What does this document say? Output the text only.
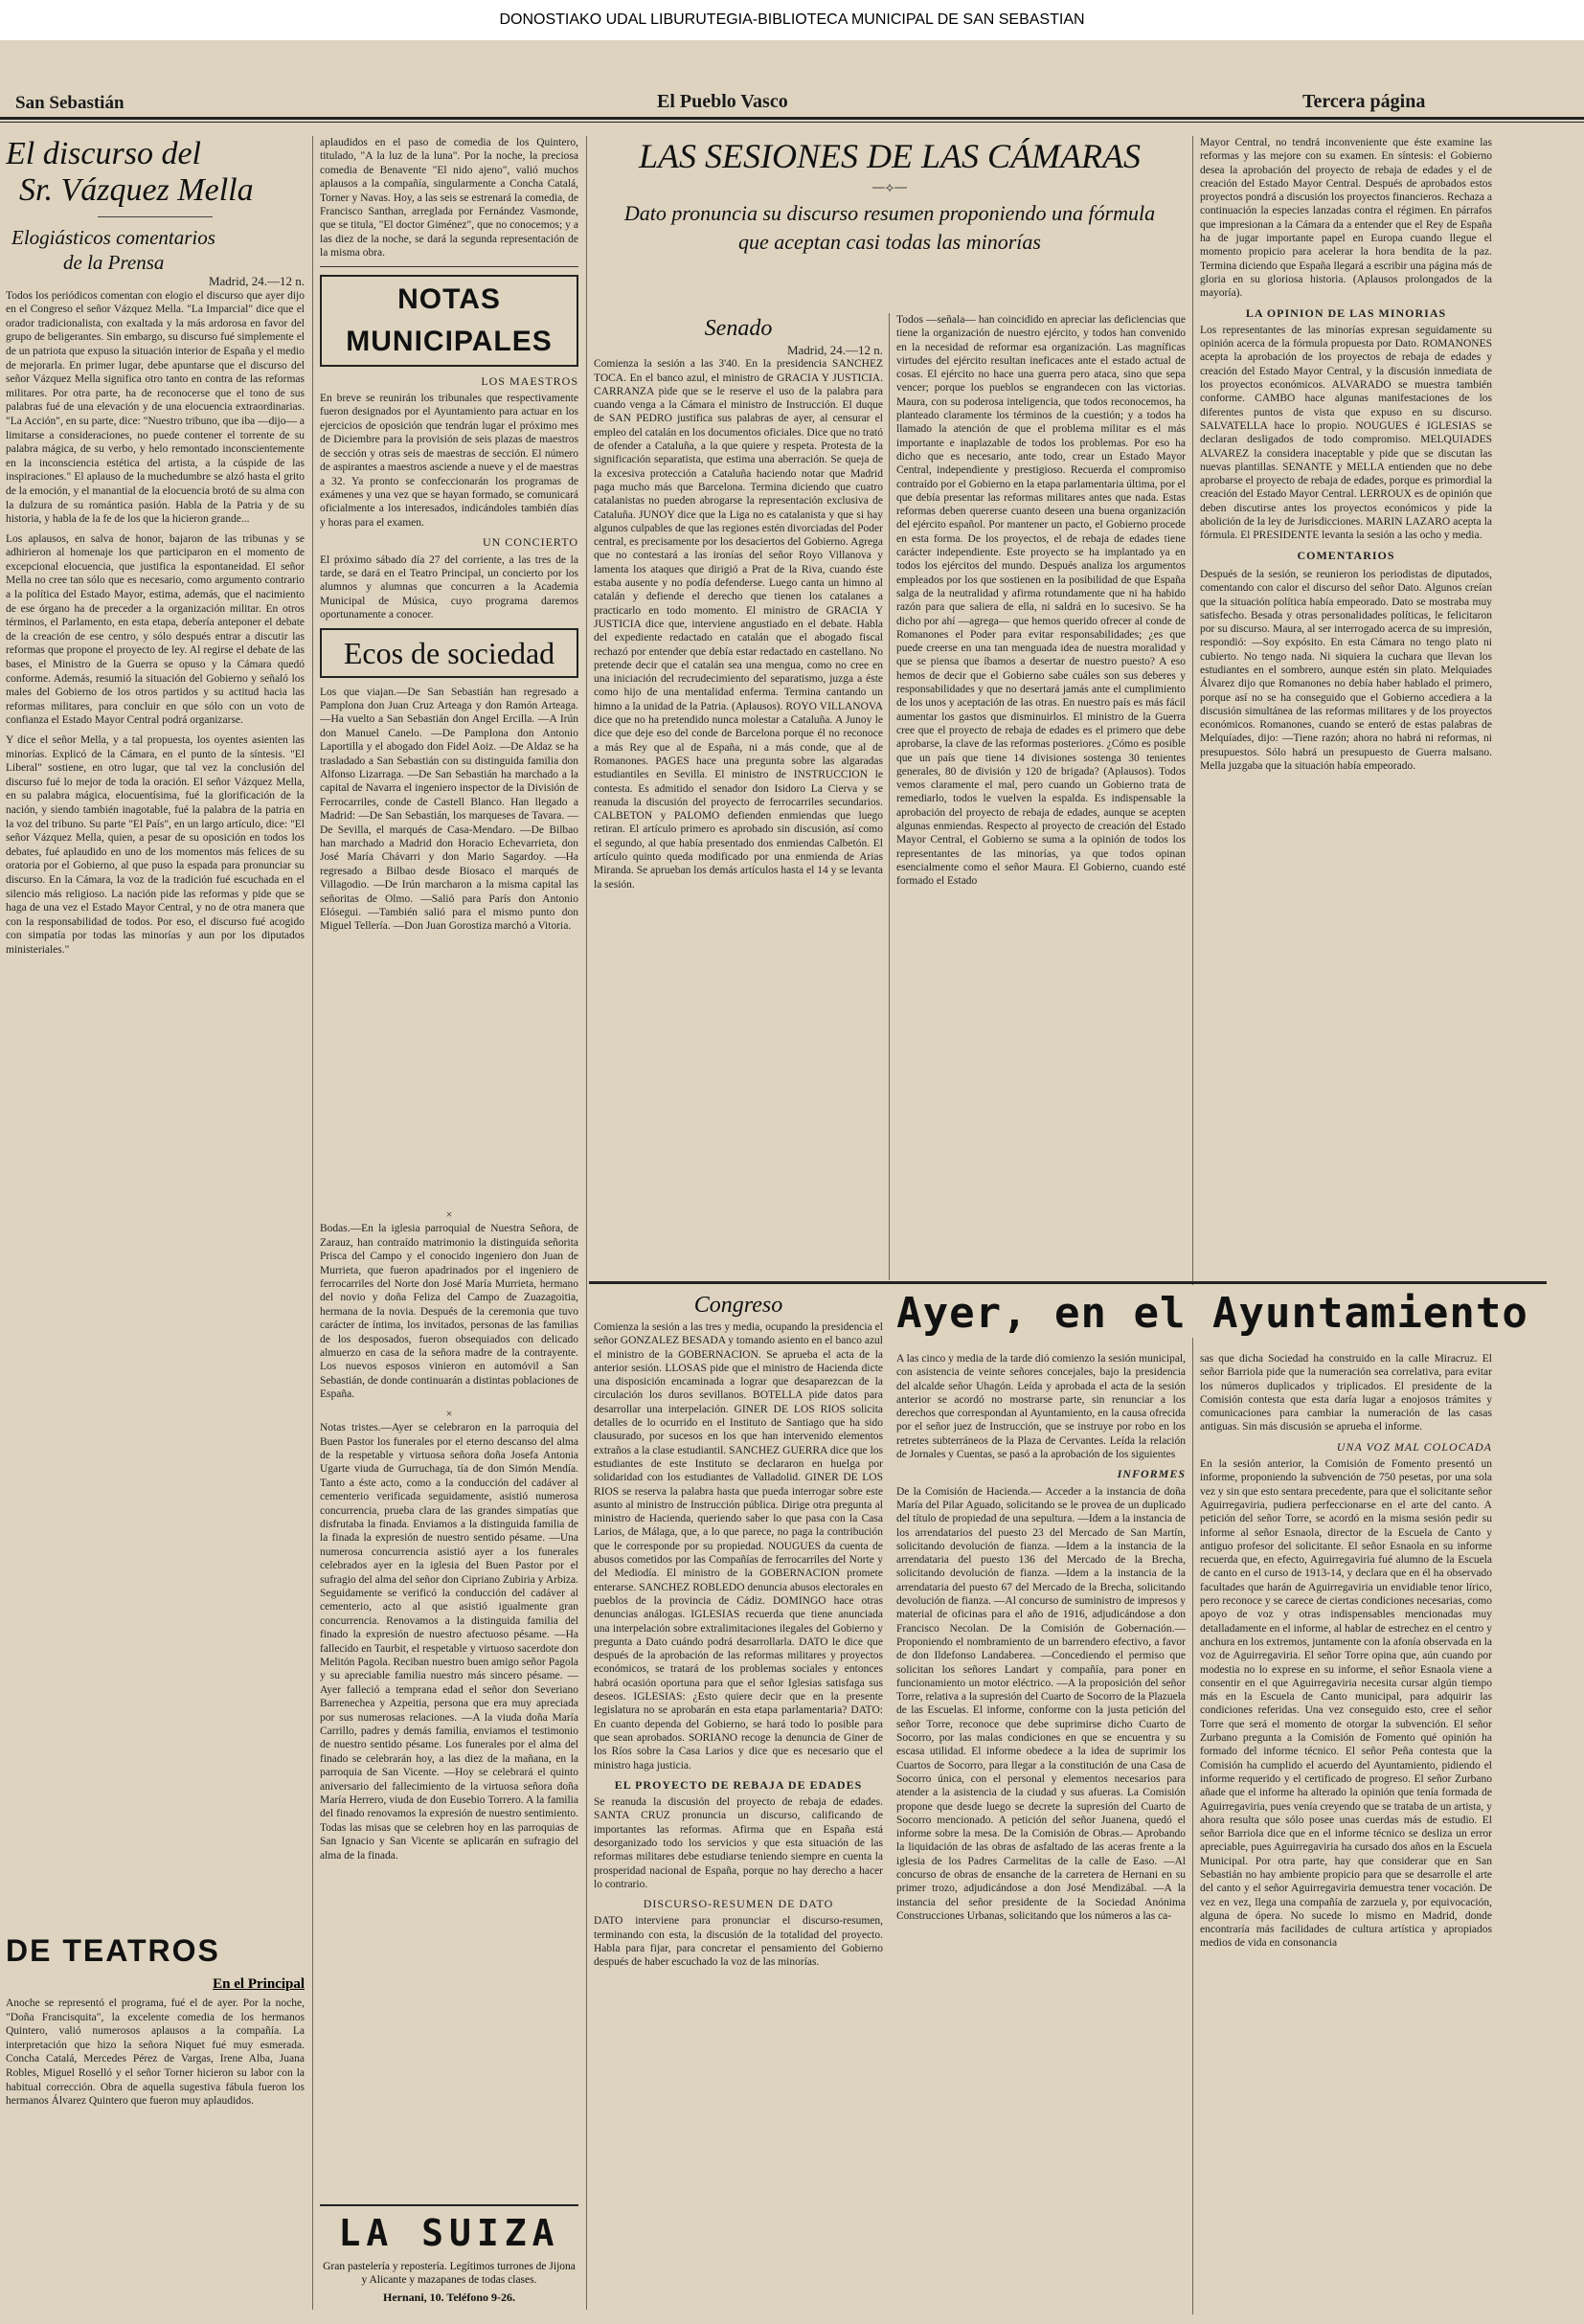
DONOSTIAKO UDAL LIBURUTEGIA-BIBLIOTECA MUNICIPAL DE SAN SEBASTIAN
San Sebastián	El Pueblo Vasco	Tercera página
El discurso del
Sr. Vázquez Mella
Elogiásticos comentarios
de la Prensa
Madrid, 24.—12 n.

Todos los periódicos comentan con elogio el discurso que ayer dijo en el Congreso el señor Vázquez Mella. "La Imparcial" dice que el orador tradicionalista, con exaltada y la más ardorosa en favor del grupo de beligerantes. Sin embargo, su discurso fué simplemente el de un patriota que expuso la situación interior de España y el medio de mejorarla. En primer lugar, debe apuntarse que el discurso del señor Vázquez Mella significa otro tanto en contra de las reformas militares. Por otra parte, ha de reconocerse que el tono de sus palabras fué de una elevación y de una elocuencia extraordinarias. "La Acción", en su parte, dice: "Nuestro tribuno, que iba —dijo— a limitarse a consideraciones, no puede contener el torrente de su palabra mágica, de su verbo, y helo remontado inconscientemente en la inconsciencia estética del artista, a la cúspide de las inspiraciones." El aplauso de la muchedumbre se alzó hasta el grito de la emoción, y el manantial de la elocuencia brotó de su alma con la dulzura de su romántica pasión. Habla de la Patria y de su historia, y habla de la fe de los que la hicieron grande...

Los aplausos, en salva de honor, bajaron de las tribunas y se adhirieron al homenaje los que participaron en el momento de excepcional elocuencia, que justifica la espontaneidad. El señor Mella no cree tan sólo que es necesario, como argumento contrario a la política del Estado Mayor, estima, además, que el nacimiento de ese órgano ha de preceder a la organización militar. En otros términos, el Parlamento, en esta etapa, debería anteponer el debate de la creación de ese centro, y sólo después entrar a discutir las reformas que propone el proyecto de ley. Al regirse el debate de las bases, el Ministro de la Guerra se opuso y la Cámara quedó conforme. Además, resumió la situación del Gobierno y señaló los males del Gobierno de los otros partidos y su actitud hacia las reformas militares, para concluir en que sólo con un voto de confianza el Estado Mayor Central podrá organizarse.

Y dice el señor Mella, y a tal propuesta, los oyentes asienten las minorías. Explicó de la Cámara, en el punto de la síntesis. "El Liberal" sostiene, en otro lugar, que tal vez la conclusión del discurso fué lo mejor de toda la oración. El señor Vázquez Mella, en su palabra mágica, elocuentísima, fué la glorificación de la nación, y siendo también inagotable, fué la palabra de la patria en la voz del tribuno. Su parte "El País", en un largo artículo, dice: "El señor Vázquez Mella, quien, a pesar de su oposición en todos los debates, fué aplaudido en uno de los momentos más felices de su oratoria por el Gobierno, al que puso la espada para pronunciar su discurso. En la Cámara, la voz de la tradición fué escuchada en el silencio más religioso. La nación pide las reformas y pide que se haga de una vez el Estado Mayor Central, y no de otra manera que con la responsabilidad de todos. Por eso, el discurso fué acogido con simpatía por todas las minorías y aun por los diputados ministeriales."

DE TEATROS
En el Principal

Anoche se representó el programa, fué el de ayer. Por la noche, "Doña Francisquita", la excelente comedia de los hermanos Quintero, valió numerosos aplausos a la compañía. La interpretación que hizo la señora Niquet fué muy esmerada. Concha Catalá, Mercedes Pérez de Vargas, Irene Alba, Juana Robles, Miguel Roselló y el señor Torner hicieron su labor con la habitual corrección. Obra de aquella sugestiva fábula fueron los hermanos Álvarez Quintero que fueron muy aplaudidos.

aplaudidos en el paso de comedia de los Quintero, titulado, "A la luz de la luna". Por la noche, la preciosa comedia de Benavente "El nido ajeno", valió muchos aplausos a la compañía, singularmente a Concha Catalá, Torner y Navas. Hoy, a las seis se estrenará la comedia, de Francisco Santhan, arreglada por Fernández Vasmonde, que se titula, "El doctor Giménez", que no conocemos; y a las diez de la noche, se dará la segunda representación de la misma obra.

NOTAS MUNICIPALES
LOS MAESTROS

En breve se reunirán los tribunales que respectivamente fueron designados por el Ayuntamiento para actuar en los ejercicios de oposición que tendrán lugar el próximo mes de Diciembre para la provisión de seis plazas de maestros de sección y otras seis de maestras de sección. El número de aspirantes a maestros asciende a nueve y el de maestras a 32. Ya pronto se confeccionarán los programas de exámenes y una vez que se hayan formado, se comunicará oficialmente a los interesados, indicándoles también días y horas para el examen.

UN CONCIERTO

El próximo sábado día 27 del corriente, a las tres de la tarde, se dará en el Teatro Principal, un concierto por los alumnos y alumnas que concurren a la Academia Municipal de Música, cuyo programa daremos oportunamente a conocer.

Ecos de sociedad

Los que viajan.—De San Sebastián han regresado a Pamplona don Juan Cruz Arteaga y don Ramón Arteaga. —Ha vuelto a San Sebastián don Angel Ercilla. —A Irún don Manuel Canelo. —De Pamplona don Antonio Laportilla y el abogado don Fidel Aoiz. —De Aldaz se ha trasladado a San Sebastián con su distinguida familia don Alfonso Lizarraga. —De San Sebastián ha marchado a la capital de Navarra el ingeniero inspector de la División de Ferrocarriles, conde de Castell Blanco. Han llegado a Madrid: —De San Sebastián, los marqueses de Tavara. —De Sevilla, el marqués de Casa-Mendaro. —De Bilbao han marchado a Madrid don Horacio Echevarrieta, don José María Chávarri y don Mario Sagardoy. —Ha regresado a Bilbao desde Biosaco el marqués de Villagodio. —De Irún marcharon a la misma capital las señoritas de Olmo. —Salió para París don Antonio Elósegui. —También salió para el mismo punto don Miguel Tellería. —Don Juan Gorostiza marchó a Vitoria.

×

Bodas.—En la iglesia parroquial de Nuestra Señora, de Zarauz, han contraído matrimonio la distinguida señorita Prisca del Campo y el conocido ingeniero don Juan de Murrieta, que fueron apadrinados por el ingeniero de ferrocarriles del Norte don José María Murrieta, hermano del novio y doña Feliza del Campo de Zuazagoitia, hermana de la novia. Después de la ceremonia que tuvo carácter de íntima, los invitados, personas de las familias de los desposados, fueron obsequiados con delicado almuerzo en casa de la señora madre de la contrayente. Los nuevos esposos vinieron en automóvil a San Sebastián, de donde continuarán a distintas poblaciones de España.

×

Notas tristes.—Ayer se celebraron en la parroquia del Buen Pastor los funerales por el eterno descanso del alma de la respetable y virtuosa señora doña Josefa Antonia Ugarte viuda de Gurruchaga, tía de don Simón Mendía. Tanto a éste acto, como a la conducción del cadáver al cementerio verificada seguidamente, asistió numerosa concurrencia, prueba clara de las grandes simpatías que disfrutaba la finada. Enviamos a la distinguida familia de la finada la expresión de nuestro sentido pésame. —Una numerosa concurrencia asistió ayer a los funerales celebrados ayer en la iglesia del Buen Pastor por el sufragio del alma del señor don Cipriano Zubiria y Arbiza. Seguidamente se verificó la conducción del cadáver al cementerio, acto al que asistió igualmente gran concurrencia. Renovamos a la distinguida familia del finado la expresión de nuestro afectuoso pésame. —Ha fallecido en Taurbit, el respetable y virtuoso sacerdote don Melitón Pagola. Reciban nuestro buen amigo señor Pagola y su apreciable familia nuestro más sincero pésame. —Ayer falleció a temprana edad el señor don Severiano Barrenechea y Azpeitia, persona que era muy apreciada por sus numerosas relaciones. —A la viuda doña María Carrillo, padres y demás familia, enviamos el testimonio de nuestro sentido pésame. Los funerales por el alma del finado se celebrarán hoy, a las diez de la mañana, en la parroquia de San Vicente. —Hoy se celebrará el quinto aniversario del fallecimiento de la virtuosa señora doña María Herrero, viuda de don Eusebio Torrero. A la familia del finado renovamos la expresión de nuestro sentimiento. Todas las misas que se celebren hoy en las parroquias de San Ignacio y San Vicente se aplicarán en sufragio del alma de la finada.

LA SUIZA
Gran pastelería y repostería. Legítimos turrones de Jijona y Alicante y mazapanes de todas clases.
Hernani, 10. Teléfono 9-26.
LAS SESIONES DE LAS CÁMARAS
—⟡—
Dato pronuncia su discurso resumen proponiendo una fórmula que aceptan casi todas las minorías
Senado
Madrid, 24.—12 n.

Comienza la sesión a las 3'40. En la presidencia SANCHEZ TOCA. En el banco azul, el ministro de GRACIA Y JUSTICIA. CARRANZA pide que se le reserve el uso de la palabra para cuando venga a la Cámara el ministro de Instrucción. El duque de SAN PEDRO justifica sus palabras de ayer, al censurar el empleo del catalán en los documentos oficiales. Dice que no trató de ofender a Cataluña, a la que quiere y respeta. Protesta de la significación separatista, que estima una aberración. Se queja de la excesiva protección a Cataluña haciendo notar que Madrid paga mucho más que Barcelona. Termina diciendo que cuatro catalanistas no pueden abrogarse la representación exclusiva de Cataluña. JUNOY dice que la Liga no es catalanista y que si hay algunos culpables de que las regiones estén divorciadas del Poder central, es precisamente por los desaciertos del Gobierno. Agrega que no contestará a las ironías del señor Royo Villanova y lamenta los ataques que dirigió a Prat de la Riva, cuando éste estaba ausente y no podía defenderse. Luego canta un himno al catalán y defiende el derecho que tienen los catalanes a practicarlo en todo momento. El ministro de GRACIA Y JUSTICIA dice que, interviene angustiado en el debate. Habla del expediente redactado en catalán que el abogado fiscal rechazó por entender que debía estar redactado en castellano. No pretende decir que el catalán sea una mengua, como no cree en una iniciación del recrudecimiento del separatismo, juzga a éste como hijo de una mentalidad enferma. Termina cantando un himno a la unidad de la Patria. (Aplausos). ROYO VILLANOVA dice que no ha pretendido nunca molestar a Cataluña. A Junoy le dice que deje eso del conde de Barcelona porque él no reconoce a más Rey que al de España, ni a más conde, que al de Romanones. PAGES hace una pregunta sobre las algaradas estudiantiles en Sevilla. El ministro de INSTRUCCION le contesta. Es admitido el senador don Isidoro La Cierva y se reanuda la discusión del proyecto de ferrocarriles secundarios. CALBETON y PALOMO defienden enmiendas que luego retiran. El artículo primero es aprobado sin discusión, así como el segundo, al que había presentado dos enmiendas Calbetón. El artículo quinto queda modificado por una enmienda de Arias Miranda. Se aprueban los demás artículos hasta el 14 y se levanta la sesión.

Congreso

Comienza la sesión a las tres y media, ocupando la presidencia el señor GONZALEZ BESADA y tomando asiento en el banco azul el ministro de la GOBERNACION. Se aprueba el acta de la anterior sesión. LLOSAS pide que el ministro de Hacienda dicte una disposición encaminada a lograr que desaparezcan de la circulación los duros sevillanos. BOTELLA pide datos para desarrollar una interpelación. GINER DE LOS RIOS solicita detalles de lo ocurrido en el Instituto de Santiago que ha sido clausurado, por sucesos en los que han intervenido elementos extraños a la clase estudiantil. SANCHEZ GUERRA dice que los estudiantes de este Instituto se declararon en huelga por solidaridad con los estudiantes de Valladolid. GINER DE LOS RIOS se reserva la palabra hasta que pueda interrogar sobre este asunto al ministro de Instrucción pública. Dirige otra pregunta al ministro de Hacienda, queriendo saber lo que pasa con la Casa Larios, de Málaga, que, a lo que parece, no paga la contribución que le corresponde por su propiedad. NOUGUES da cuenta de abusos cometidos por las Compañías de ferrocarriles del Norte y del Mediodía. El ministro de la GOBERNACION promete enterarse. SANCHEZ ROBLEDO denuncia abusos electorales en pueblos de la provincia de Cádiz. DOMINGO hace otras denuncias análogas. IGLESIAS recuerda que tiene anunciada una interpelación sobre extralimitaciones ilegales del Gobierno y pregunta a Dato cuándo podrá desarrollarla. DATO le dice que después de la aprobación de las reformas militares y proyectos económicos, se tratará de los problemas sociales y entonces habrá ocasión oportuna para que el señor Iglesias satisfaga sus deseos. IGLESIAS: ¿Esto quiere decir que en la presente legislatura no se aprobarán en esta etapa parlamentaria? DATO: En cuanto dependa del Gobierno, se hará todo lo posible para que sean aprobados. SORIANO recoge la denuncia de Giner de los Ríos sobre la Casa Larios y dice que es necesario que el ministro haga justicia.

EL PROYECTO DE REBAJA DE EDADES

Se reanuda la discusión del proyecto de rebaja de edades. SANTA CRUZ pronuncia un discurso, calificando de importantes las reformas. Afirma que en España está desorganizado todo los servicios y que esta situación de las reformas militares debe estudiarse teniendo siempre en cuenta la prosperidad nacional de España, porque no hay derecho a hacer lo contrario.

DISCURSO-RESUMEN DE DATO

DATO interviene para pronunciar el discurso-resumen, terminando con esta, la discusión de la totalidad del proyecto. Habla para fijar, para concretar el pensamiento del Gobierno después de haber escuchado la voz de las minorías.

Todos —señala— han coincidido en apreciar las deficiencias que tiene la organización de nuestro ejército, y todos han convenido en la necesidad de reformar esa organización. Las magníficas virtudes del ejército resultan ineficaces ante el estado actual de cosas. El ejército no hace una guerra pero ataca, sino que sepa vencer; porque los pueblos se engrandecen con las victorias. Maura, con su poderosa inteligencia, que todos reconocemos, ha planteado claramente los términos de la cuestión; y a todos ha llamado la atención de que el problema militar es el más importante e inaplazable de todos los problemas. Por eso ha dicho que es necesario, ante todo, crear un Estado Mayor Central, independiente y prestigioso. Recuerda el compromiso contraído por el Gobierno en la etapa parlamentaria última, por el que debía presentar las reformas militares antes que nada. Estas reformas deben quererse cuanto deseen una buena organización del ejército español. Por mantener un pacto, el Gobierno procede en esta forma. De los proyectos, el de rebaja de edades tiene carácter independiente. Este proyecto se ha implantado ya en todos los ejércitos del mundo. Después analiza los argumentos empleados por los que sostienen en la posibilidad de que España salga de la neutralidad y afirma rotundamente que ni ha habido razón para que saliera de ella, ni saldrá en lo sucesivo. Se ha dicho por ahí —agrega— que hemos querido ofrecer al conde de Romanones el Poder para evitar responsabilidades; ¿es que puede creerse en una tan menguada idea de nuestra moralidad y que se piensa que íbamos a desertar de nuestro puesto? A eso hemos de decir que el Gobierno sabe cuáles son sus deberes y responsabilidades y que no desertará jamás ante el cumplimiento de los unos y aceptación de las otras. En nuestro país es más fácil aumentar los gastos que disminuirlos. El ministro de la Guerra cree que el proyecto de rebaja de edades es el primero que debe aprobarse, la clave de las reformas posteriores. ¿Cómo es posible que un país que tiene 14 divisiones sostenga 30 tenientes generales, 80 de división y 120 de brigada? (Aplausos). Todos vemos claramente el mal, pero cuando un Gobierno trata de remediarlo, todos le vuelven la espalda. Es indispensable la aprobación del proyecto de rebaja de edades, aunque se acepten algunas enmiendas. Respecto al proyecto de creación del Estado Mayor Central, el Gobierno se suma a la opinión de todos los representantes de las minorías, ya que todos opinan esencialmente como el señor Maura. El Gobierno, cuando esté formado el Estado

Mayor Central, no tendrá inconveniente que éste examine las reformas y las mejore con su examen. En síntesis: el Gobierno desea la aprobación del proyecto de rebaja de edades y el de creación del Estado Mayor Central. Después de aprobados estos proyectos pondrá a discusión los proyectos financieros. Rechaza a continuación la especies lanzadas contra el régimen. En párrafos que impresionan a la Cámara da a entender que el Rey de España ha de jugar importante papel en Europa cuando llegue el momento propicio para acelerar la hora bendita de la paz. Termina diciendo que España llegará a escribir una página más de gloria en su gloriosa historia. (Aplausos prolongados de la mayoría).

LA OPINION DE LAS MINORIAS

Los representantes de las minorías expresan seguidamente su opinión acerca de la fórmula propuesta por Dato. ROMANONES acepta la aprobación de los proyectos de rebaja de edades y creación del Estado Mayor Central, y la discusión inmediata de los proyectos económicos. ALVARADO se muestra también conforme. CAMBO hace algunas manifestaciones de los diferentes puntos de vista que expuso en su discurso. SALVATELLA hace lo propio. NOUGUES é IGLESIAS se declaran desligados de todo compromiso. MELQUIADES ALVAREZ la considera inaceptable y pide que se discutan las nuevas plantillas. SENANTE y MELLA entienden que no debe aprobarse el proyecto de rebaja de edades, porque es primordial la creación del Estado Mayor Central. LERROUX es de opinión que deben discutirse antes los proyectos económicos y pide la abolición de la ley de Jurisdicciones. MARIN LAZARO acepta la fórmula. El PRESIDENTE levanta la sesión a las ocho y media.

COMENTARIOS

Después de la sesión, se reunieron los periodistas de diputados, comentando con calor el discurso del señor Dato. Algunos creían que la situación política había empeorado. Dato se mostraba muy satisfecho. Besada y otras personalidades políticas, le felicitaron por su discurso. Maura, al ser interrogado acerca de su impresión, respondió: —Soy expósito. En esta Cámara no tengo plato ni cubierto. No tengo nada. Ni siquiera la cuchara que llevan los estudiantes en el sombrero, aunque estén sin plato. Melquiades Álvarez dijo que Romanones no debía haber hablado el primero, porque así no se ha conseguido que el Gobierno accediera a la discusión simultánea de las reformas militares y de los proyectos económicos. Romanones, cuando se enteró de estas palabras de Melquíades, dijo: —Tiene razón; ahora no habrá ni reformas, ni presupuestos. Sólo habrá un presupuesto de Guerra malsano. Mella juzgaba que la situación había empeorado.

Ayer, en el Ayuntamiento

A las cinco y media de la tarde dió comienzo la sesión municipal, con asistencia de veinte señores concejales, bajo la presidencia del alcalde señor Uhagón. Leída y aprobada el acta de la sesión anterior se acordó no mostrarse parte, sin renunciar a los derechos que correspondan al Ayuntamiento, en la causa ofrecida por el señor juez de Instrucción, que se instruye por robo en los retretes subterráneos de la Plaza de Cervantes. Leída la relación de Jornales y Cuentas, se pasó a la aprobación de los siguientes

INFORMES

De la Comisión de Hacienda.— Acceder a la instancia de doña María del Pilar Aguado, solicitando se le provea de un duplicado del título de propiedad de una sepultura. —Idem a la instancia de los arrendatarios del puesto 23 del Mercado de San Martín, solicitando devolución de fianza. —Idem a la instancia de la arrendataria del puesto 136 del Mercado de la Brecha, solicitando devolución de fianza. —Idem a la instancia de la arrendataria del puesto 67 del Mercado de la Brecha, solicitando devolución de fianza. —Al concurso de suministro de impresos y material de oficinas para el año de 1916, adjudicándose a don Francisco Necolan. De la Comisión de Gobernación.— Proponiendo el nombramiento de un barrendero efectivo, a favor de don Ildefonso Landaberea. —Concediendo el permiso que solicitan los señores Landart y compañía, para poner en funcionamiento un motor eléctrico. —A la proposición del señor Torre, relativa a la supresión del Cuarto de Socorro de la Plazuela de las Escuelas. El informe, conforme con la justa petición del señor Torre, reconoce que debe suprimirse dicho Cuarto de Socorro, por las malas condiciones en que se encuentra y su escasa utilidad. El informe obedece a la idea de suprimir los Cuartos de Socorro, para llegar a la constitución de una Casa de Socorro única, con el personal y elementos necesarios para atender a la asistencia de la ciudad y sus afueras. La Comisión propone que desde luego se decrete la supresión del Cuarto de Socorro mencionado. A petición del señor Juanena, quedó el informe sobre la mesa. De la Comisión de Obras.— Aprobando la liquidación de las obras de asfaltado de las aceras frente a la iglesia de los Padres Carmelitas de la calle de Easo. —Al concurso de obras de ensanche de la carretera de Hernani en su primer trozo, adjudicándose a don José Mendizábal. —A la instancia del señor presidente de la Sociedad Anónima Construcciones Urbanas, solicitando que los números a las ca-

sas que dicha Sociedad ha construido en la calle Miracruz. El señor Barriola pide que la numeración sea correlativa, para evitar los números duplicados y triplicados. El presidente de la Comisión contesta que esta daría lugar a enojosos trámites y comunicaciones para cambiar la numeración de las casas antiguas. Sin más discusión se aprueba el informe.

UNA VOZ MAL COLOCADA

En la sesión anterior, la Comisión de Fomento presentó un informe, proponiendo la subvención de 750 pesetas, por una sola vez y sin que esto sentara precedente, para que el solicitante señor Aguirregaviria, pudiera perfeccionarse en el arte del canto. A petición del señor Torre, se acordó en la misma sesión pedir su informe al señor Esnaola, director de la Escuela de Canto y antiguo profesor del solicitante. El señor Esnaola en su informe recuerda que, en efecto, Aguirregaviria fué alumno de la Escuela de canto en el curso de 1913-14, y declara que en él ha observado facultades que harán de Aguirregaviria un envidiable tenor lírico, pero reconoce y se carece de ciertas condiciones necesarias, como apoyo de voz y otras indispensables mencionadas muy detalladamente en el informe, al hablar de estrechez en el centro y anchura en los extremos, juntamente con la afonía observada en la voz de Aguirregaviria. El señor Torre opina que, aún cuando por modestia no lo exprese en su informe, el señor Esnaola viene a consentir en el que Aguirregaviria necesita cursar algún tiempo más en la Escuela de Canto municipal, para adquirir las condiciones referidas. Una vez conseguido esto, cree el señor Torre que será el momento de otorgar la subvención. El señor Zurbano pregunta a la Comisión de Fomento qué opinión ha formado del informe técnico. El señor Peña contesta que la Comisión ha cumplido el acuerdo del Ayuntamiento, pidiendo el informe requerido y el certificado de progreso. El señor Zurbano añade que el informe ha alterado la opinión que tenía formada de Aguirregaviria, pues venía creyendo que se trataba de un artista, y ahora resulta que sólo posee unas cuerdas más de estudio. El señor Barriola dice que en el informe técnico se desliza un error apreciable, pues Aguirregaviria ha cursado dos años en la Escuela Municipal. Por otra parte, hay que considerar que en San Sebastián no hay ambiente propicio para que se desarrolle el arte del canto y el señor Aguirregaviria demuestra tener vocación. De vez en vez, llega una compañía de zarzuela y, por equivocación, alguna de ópera. No sucede lo mismo en Madrid, donde encontraría más facilidades de cultura artística y apropiados medios de vida en consonancia
